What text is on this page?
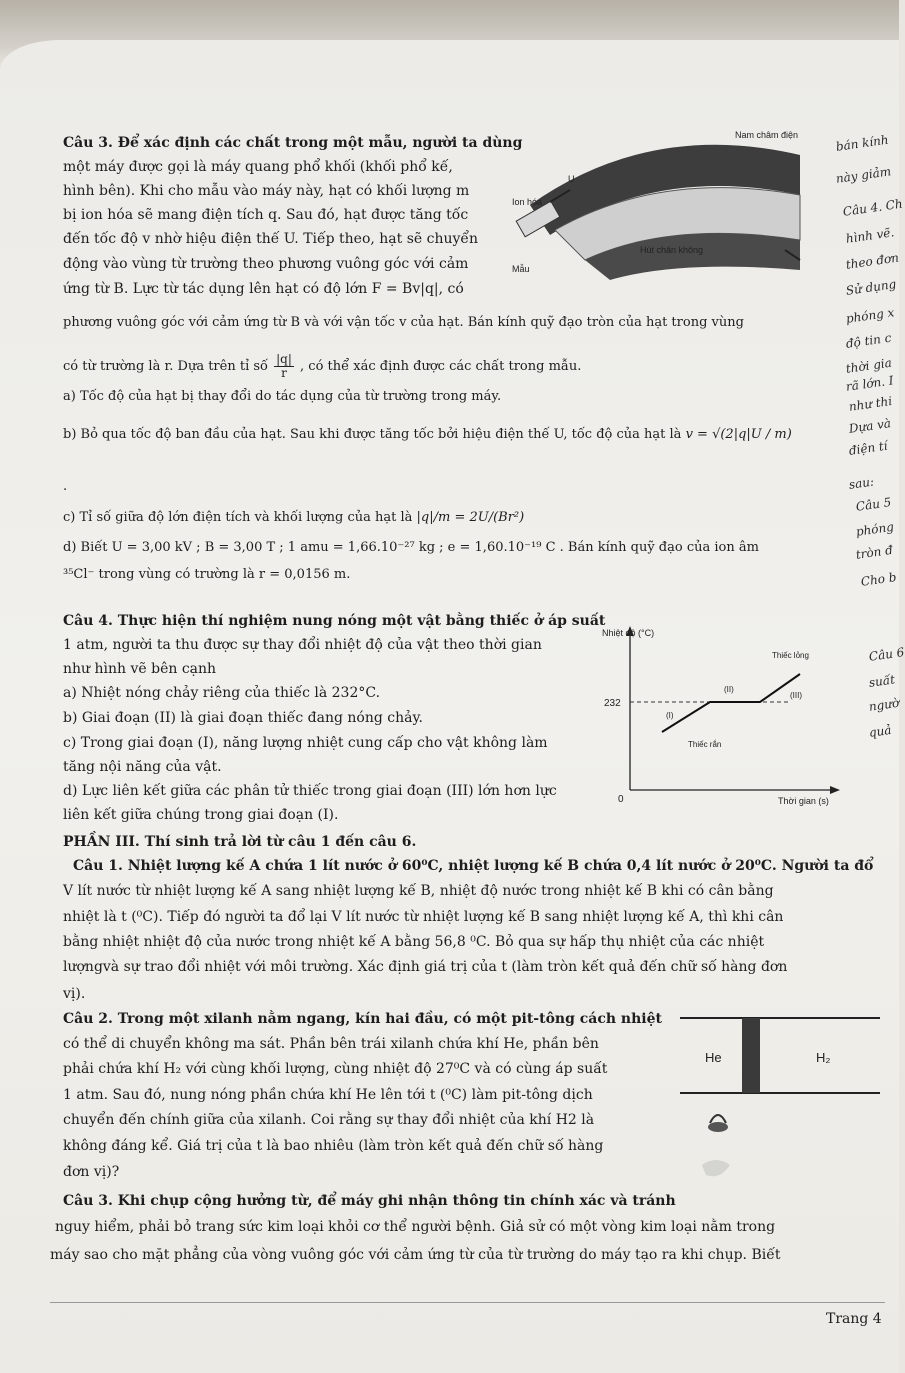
Nam châm điện
U
Ion hóa
Hút chân không
Mẫu
Câu 3. Để xác định các chất trong một mẫu, người ta dùng
một máy được gọi là máy quang phổ khối (khối phổ kế,
hình bên). Khi cho mẫu vào máy này, hạt có khối lượng m
bị ion hóa sẽ mang điện tích q. Sau đó, hạt được tăng tốc
đến tốc độ v nhờ hiệu điện thế U. Tiếp theo, hạt sẽ chuyển
động vào vùng từ trường theo phương vuông góc với cảm
ứng từ B. Lực từ tác dụng lên hạt có độ lớn F = Bv|q|, có
phương vuông góc với cảm ứng từ B và với vận tốc v của hạt. Bán kính quỹ đạo tròn của hạt trong vùng
có từ trường là r. Dựa trên tỉ số $\frac{|q|}{r}$ , có thể xác định được các chất trong mẫu.
a) Tốc độ của hạt bị thay đổi do tác dụng của từ trường trong máy.
b) Bỏ qua tốc độ ban đầu của hạt. Sau khi được tăng tốc bởi hiệu điện thế U, tốc độ của hạt là v = √(2|q|U / m)
.
c) Tỉ số giữa độ lớn điện tích và khối lượng của hạt là |q|/m = 2U/(Br²)
d) Biết U = 3,00 kV ; B = 3,00 T ; 1 amu = 1,66.10⁻²⁷ kg ; e = 1,60.10⁻¹⁹ C . Bán kính quỹ đạo của ion âm
³⁵Cl⁻ trong vùng có trường là r = 0,0156 m.
bán kính
này giảm
Câu 4. Ch
hình vẽ.
theo đơn
Sử dụng
phóng x
độ tin c
thời gia
rã lớn. I
như thi
Dựa và
điện tí
sau:
Câu 5
phóng
tròn đ
Cho b
Câu 6
suất
ngườ
quả
Câu 4. Thực hiện thí nghiệm nung nóng một vật bằng thiếc ở áp suất
1 atm, người ta thu được sự thay đổi nhiệt độ của vật theo thời gian
như hình vẽ bên cạnh
a) Nhiệt nóng chảy riêng của thiếc là 232°C.
b) Giai đoạn (II) là giai đoạn thiếc đang nóng chảy.
c) Trong giai đoạn (I), năng lượng nhiệt cung cấp cho vật không làm
tăng nội năng của vật.
d) Lực liên kết giữa các phân tử thiếc trong giai đoạn (III) lớn hơn lực
liên kết giữa chúng trong giai đoạn (I).
Nhiệt độ (°C)
Thời gian (s)
0
232
(I)
(II)
(III)
Thiếc rắn
Thiếc lỏng
PHẦN III. Thí sinh trả lời từ câu 1 đến câu 6.
Câu 1. Nhiệt lượng kế A chứa 1 lít nước ở 60⁰C, nhiệt lượng kế B chứa 0,4 lít nước ở 20⁰C. Người ta đổ
V lít nước từ nhiệt lượng kế A sang nhiệt lượng kế B, nhiệt độ nước trong nhiệt kế B khi có cân bằng
nhiệt là t (⁰C). Tiếp đó người ta đổ lại V lít nước từ nhiệt lượng kế B sang nhiệt lượng kế A, thì khi cân
bằng nhiệt nhiệt độ của nước trong nhiệt kế A bằng 56,8 ⁰C. Bỏ qua sự hấp thụ nhiệt của các nhiệt
lượngvà sự trao đổi nhiệt với môi trường. Xác định giá trị của t (làm tròn kết quả đến chữ số hàng đơn
vị).
Câu 2. Trong một xilanh nằm ngang, kín hai đầu, có một pit-tông cách nhiệt
có thể di chuyển không ma sát. Phần bên trái xilanh chứa khí He, phần bên
phải chứa khí H₂ với cùng khối lượng, cùng nhiệt độ 27⁰C và có cùng áp suất
1 atm. Sau đó, nung nóng phần chứa khí He lên tới t (⁰C) làm pit-tông dịch
chuyển đến chính giữa của xilanh. Coi rằng sự thay đổi nhiệt của khí H2 là
không đáng kể. Giá trị của t là bao nhiêu (làm tròn kết quả đến chữ số hàng
đơn vị)?
He	H₂
Câu 3. Khi chụp cộng hưởng từ, để máy ghi nhận thông tin chính xác và tránh
nguy hiểm, phải bỏ trang sức kim loại khỏi cơ thể người bệnh. Giả sử có một vòng kim loại nằm trong
máy sao cho mặt phẳng của vòng vuông góc với cảm ứng từ của từ trường do máy tạo ra khi chụp. Biết
Trang 4
